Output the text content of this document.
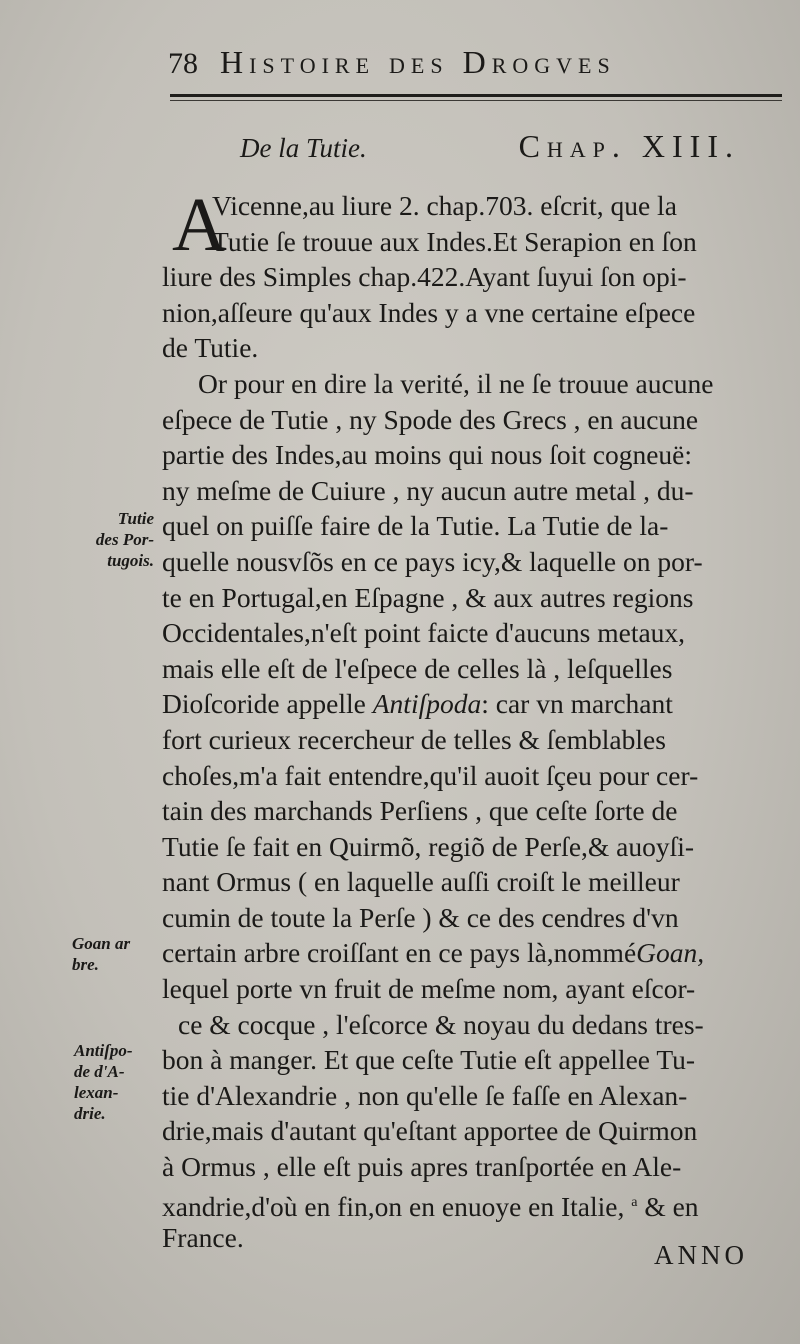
78 Histoire des Drogves
De la Tutie.	Chap. XIII.
A
Vicenne,au liure 2. chap.703. eſcrit, que la
Tutie ſe trouue aux Indes.Et Serapion en ſon
liure des Simples chap.422.Ayant ſuyui ſon opi-
nion,aſſeure qu'aux Indes y a vne certaine eſpece
de Tutie.
Or pour en dire la verité, il ne ſe trouue aucune
eſpece de Tutie , ny Spode des Grecs , en aucune
partie des Indes,au moins qui nous ſoit cogneuë:
ny meſme de Cuiure , ny aucun autre metal , du-
quel on puiſſe faire de la Tutie. La Tutie de la-
quelle nousvſõs en ce pays icy,& laquelle on por-
te en Portugal,en Eſpagne , & aux autres regions
Occidentales,n'eſt point faicte d'aucuns metaux,
mais elle eſt de l'eſpece de celles là , leſquelles
Dioſcoride appelle Antiſpoda: car vn marchant
fort curieux recercheur de telles & ſemblables
choſes,m'a fait entendre,qu'il auoit ſçeu pour cer-
tain des marchands Perſiens , que ceſte ſorte de
Tutie ſe fait en Quirmõ, regiõ de Perſe,& auoyſi-
nant Ormus ( en laquelle auſſi croiſt le meilleur
cumin de toute la Perſe ) & ce des cendres d'vn
certain arbre croiſſant en ce pays là,nomméGoan,
lequel porte vn fruit de meſme nom, ayant eſcor-
ce & cocque , l'eſcorce & noyau du dedans tres-
bon à manger. Et que ceſte Tutie eſt appellee Tu-
tie d'Alexandrie , non qu'elle ſe faſſe en Alexan-
drie,mais d'autant qu'eſtant apportee de Quirmon
à Ormus , elle eſt puis apres tranſportée en Ale-
xandrie,d'où en fin,on en enuoye en Italie, $^a$ & en
France.
Tutie
des Por-
tugois.
Goan ar
bre.
Antiſpo-
de d'A-
lexan-
drie.
ANNO
